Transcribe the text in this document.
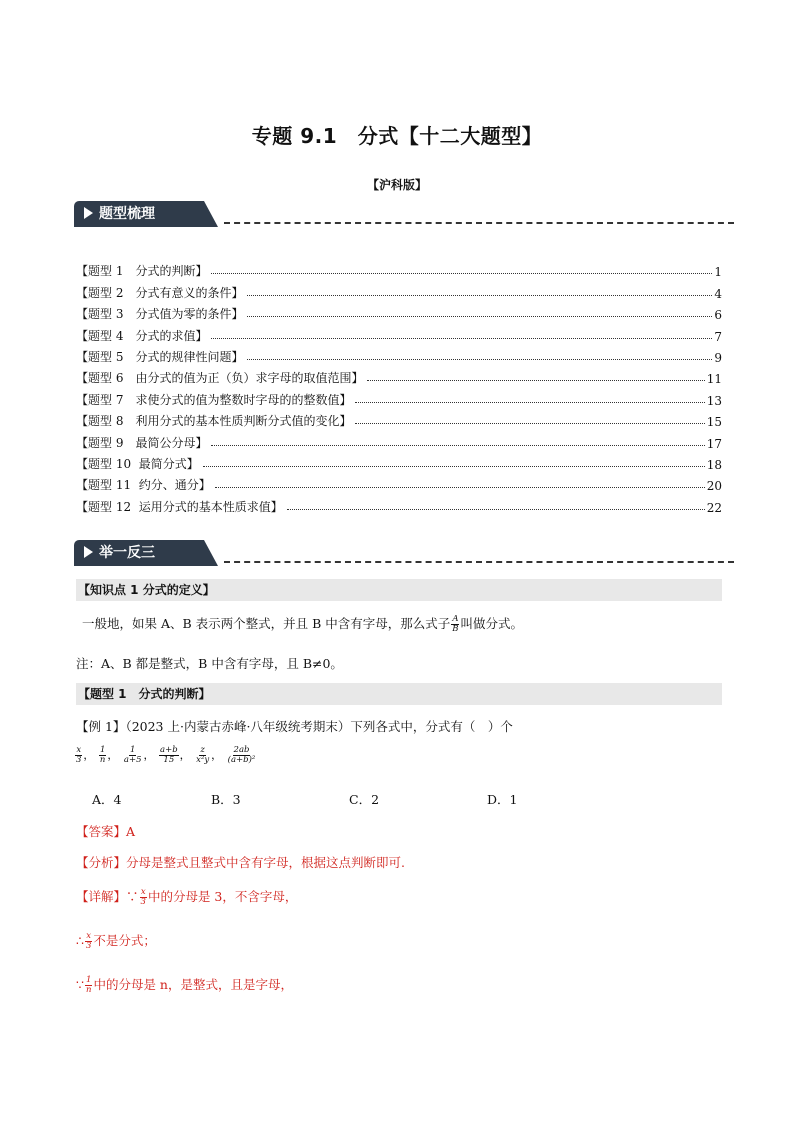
专题 9.1　分式【十二大题型】
【沪科版】
题型梳理
【题型 1　分式的判断】	1
【题型 2　分式有意义的条件】	4
【题型 3　分式值为零的条件】	6
【题型 4　分式的求值】	7
【题型 5　分式的规律性问题】	9
【题型 6　由分式的值为正（负）求字母的取值范围】	11
【题型 7　求使分式的值为整数时字母的的整数值】	13
【题型 8　利用分式的基本性质判断分式值的变化】	15
【题型 9　最简公分母】	17
【题型 10  最简分式】	18
【题型 11  约分、通分】	20
【题型 12  运用分式的基本性质求值】	22
举一反三
【知识点 1 分式的定义】
一般地，如果 A、B 表示两个整式，并且 B 中含有字母，那么式子 $\frac{A}{B}$ 叫做分式。
注：A、B 都是整式，B 中含有字母，且 B≠0。
【题型 1　分式的判断】
【例 1】（2023 上·内蒙古赤峰·八年级统考期末）下列各式中，分式有（　）个
$\frac{x}{3}$ ， $\frac{1}{n}$ ， $\frac{1}{a+5}$ ， $\frac{a+b}{15}$ ， $\frac{z}{\text{x²y}}$ ， $\frac{2ab}{\text{(a+b)²}}$
A．4	B．3	C．2	D．1
【答案】A
【分析】分母是整式且整式中含有字母，根据这点判断即可.
【详解】∵ $\frac{x}{3}$ 中的分母是 3，不含字母，
∴ $\frac{x}{3}$ 不是分式；
∵ $\frac{1}{n}$ 中的分母是 n，是整式，且是字母，
